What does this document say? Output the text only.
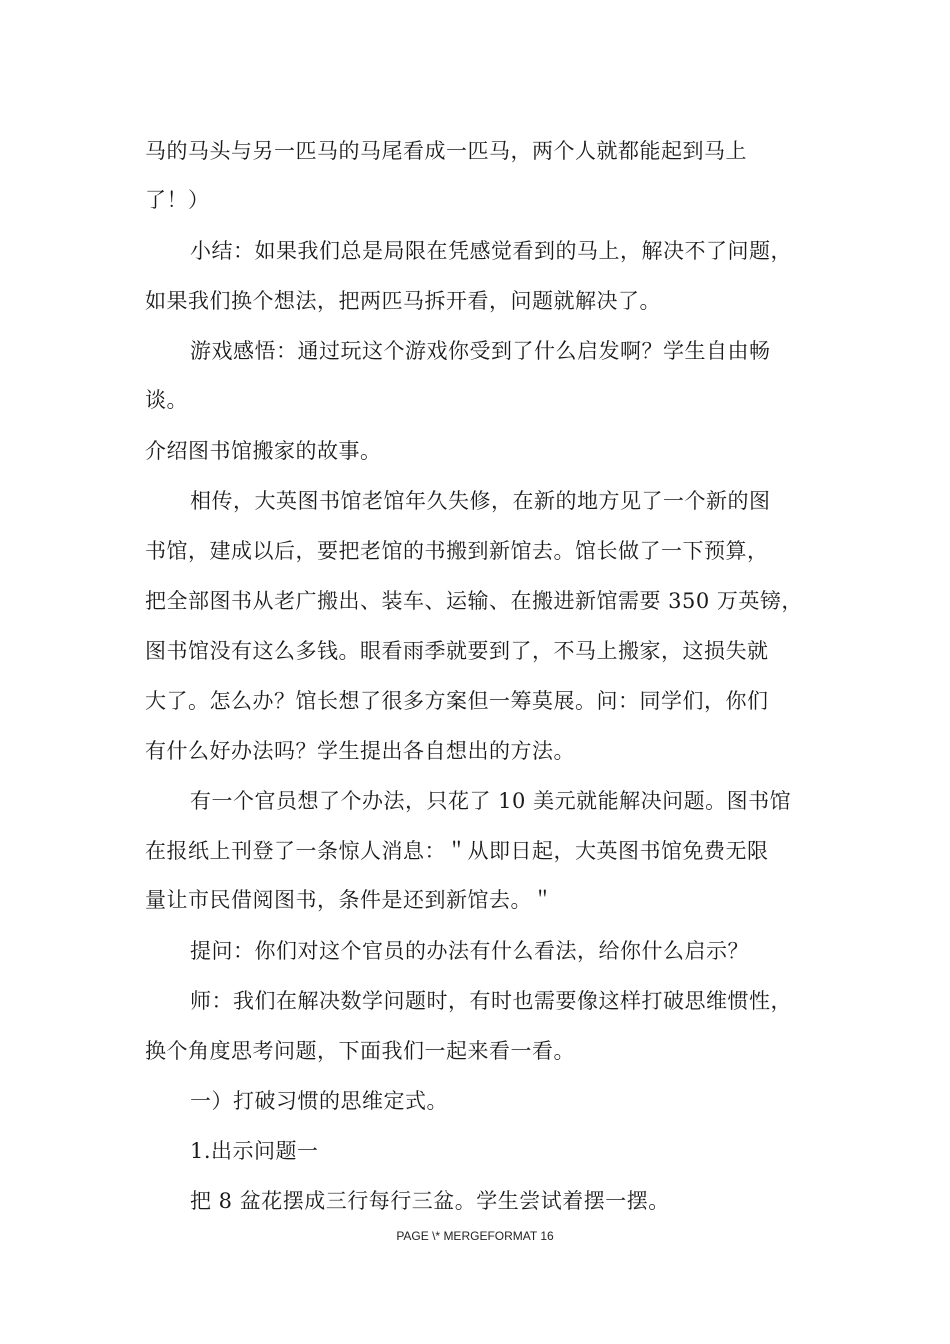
马的马头与另一匹马的马尾看成一匹马，两个人就都能起到马上
了！）
小结：如果我们总是局限在凭感觉看到的马上，解决不了问题，
如果我们换个想法，把两匹马拆开看，问题就解决了。
游戏感悟：通过玩这个游戏你受到了什么启发啊？学生自由畅
谈。
介绍图书馆搬家的故事。
相传，大英图书馆老馆年久失修，在新的地方见了一个新的图
书馆，建成以后，要把老馆的书搬到新馆去。馆长做了一下预算，
把全部图书从老广搬出、装车、运输、在搬进新馆需要 350 万英镑，
图书馆没有这么多钱。眼看雨季就要到了，不马上搬家，这损失就
大了。怎么办？馆长想了很多方案但一筹莫展。问：同学们，你们
有什么好办法吗？学生提出各自想出的方法。
有一个官员想了个办法，只花了 10 美元就能解决问题。图书馆
在报纸上刊登了一条惊人消息：＂从即日起，大英图书馆免费无限
量让市民借阅图书，条件是还到新馆去。＂
提问：你们对这个官员的办法有什么看法，给你什么启示？
师：我们在解决数学问题时，有时也需要像这样打破思维惯性，
换个角度思考问题，下面我们一起来看一看。
一）打破习惯的思维定式。
1.出示问题一
把 8 盆花摆成三行每行三盆。学生尝试着摆一摆。
PAGE \* MERGEFORMAT 16
